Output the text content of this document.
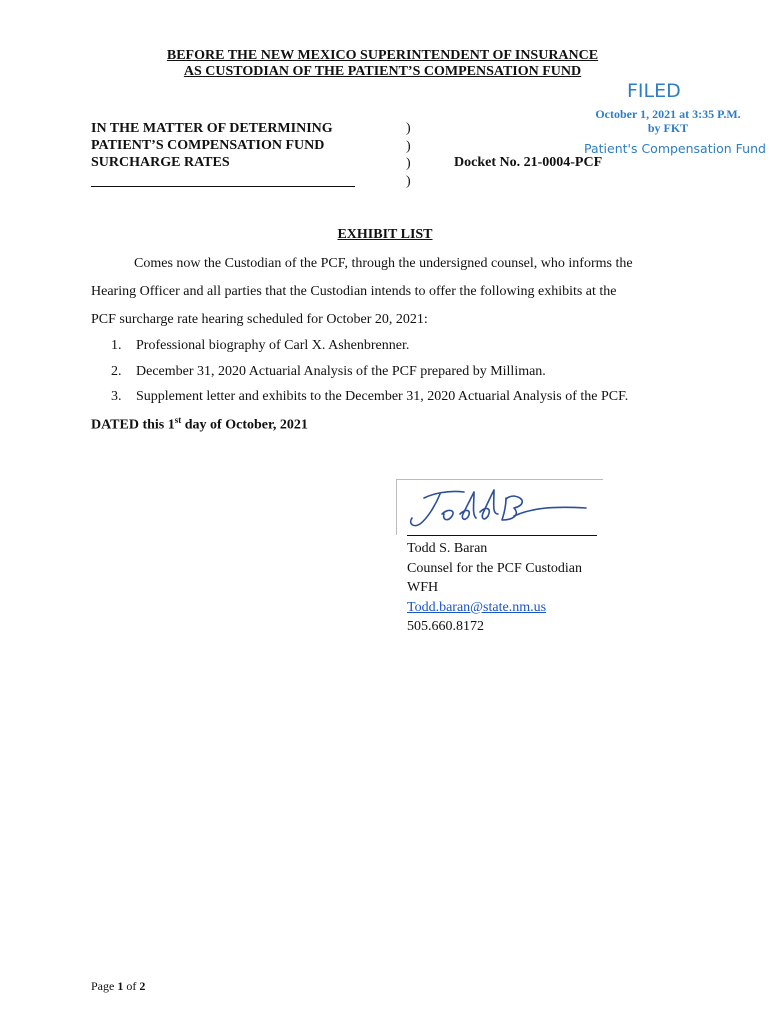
BEFORE THE NEW MEXICO SUPERINTENDENT OF INSURANCE
AS CUSTODIAN OF THE PATIENT’S COMPENSATION FUND
FILED
October 1, 2021 at 3:35 P.M.
by FKT
Patient's Compensation Fund
IN THE MATTER OF DETERMINING
PATIENT’S COMPENSATION FUND
SURCHARGE RATES
)
)
)
)
Docket No. 21-0004-PCF
EXHIBIT LIST
Comes now the Custodian of the PCF, through the undersigned counsel, who informs the
Hearing Officer and all parties that the Custodian intends to offer the following exhibits at the
PCF surcharge rate hearing scheduled for October 20, 2021:
1. Professional biography of Carl X. Ashenbrenner.
2. December 31, 2020 Actuarial Analysis of the PCF prepared by Milliman.
3. Supplement letter and exhibits to the December 31, 2020 Actuarial Analysis of the PCF.
DATED this 1st day of October, 2021
Todd S. Baran
Counsel for the PCF Custodian
WFH
Todd.baran@state.nm.us
505.660.8172
Page 1 of 2
